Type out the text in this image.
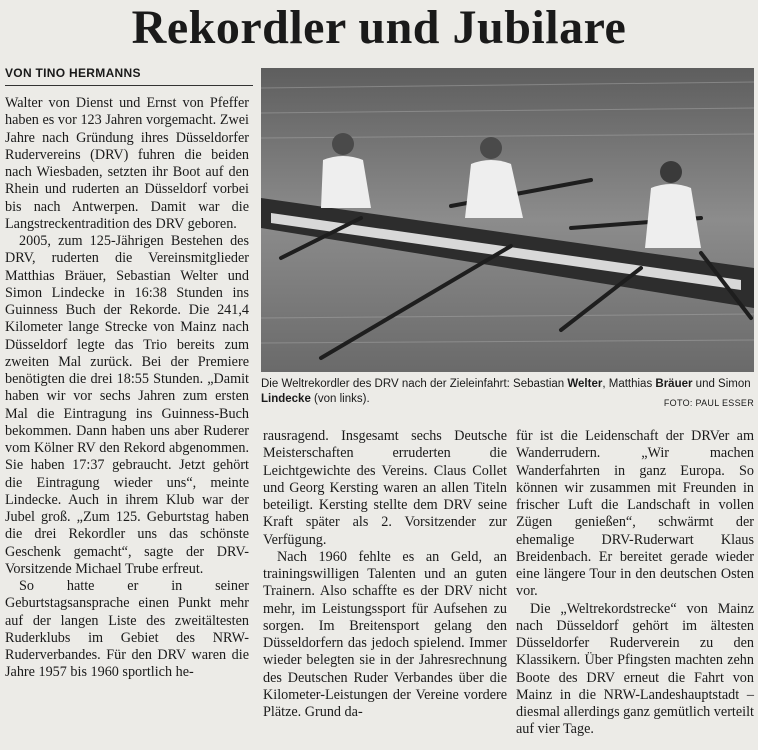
Rekordler und Jubilare
VON TINO HERMANNS

Walter von Dienst und Ernst von Pfeffer haben es vor 123 Jahren vorgemacht. Zwei Jahre nach Gründung ihres Düsseldorfer Rudervereins (DRV) fuhren die beiden nach Wiesbaden, setzten ihr Boot auf den Rhein und ruderten an Düsseldorf vorbei bis nach Antwerpen. Damit war die Langstreckentradition des DRV geboren.

2005, zum 125-Jährigen Bestehen des DRV, ruderten die Vereinsmitglieder Matthias Bräuer, Sebastian Welter und Simon Lindecke in 16:38 Stunden ins Guinness Buch der Rekorde. Die 241,4 Kilometer lange Strecke von Mainz nach Düsseldorf legte das Trio bereits zum zweiten Mal zurück. Bei der Premiere benötigten die drei 18:55 Stunden. „Damit haben wir vor sechs Jahren zum ersten Mal die Eintragung ins Guinness-Buch bekommen. Dann haben uns aber Ruderer vom Kölner RV den Rekord abgenommen. Sie haben 17:37 gebraucht. Jetzt gehört die Eintragung wieder uns“, meinte Lindecke. Auch in ihrem Klub war der Jubel groß. „Zum 125. Geburtstag haben die drei Rekordler uns das schönste Geschenk gemacht“, sagte der DRV-Vorsitzende Michael Trube erfreut.

So hatte er in seiner Geburtstagsansprache einen Punkt mehr auf der langen Liste des zweitältesten Ruderklubs im Gebiet des NRW-Ruderverbandes. Für den DRV waren die Jahre 1957 bis 1960 sportlich he-

Die Weltrekordler des DRV nach der Zieleinfahrt: Sebastian Welter, Matthias Bräuer und Simon Lindecke (von links).	FOTO: PAUL ESSER

rausragend. Insgesamt sechs Deutsche Meisterschaften erruderten die Leichtgewichte des Vereins. Claus Collet und Georg Kersting waren an allen Titeln beteiligt. Kersting stellte dem DRV seine Kraft später als 2. Vorsitzender zur Verfügung.

Nach 1960 fehlte es an Geld, an trainingswilligen Talenten und an guten Trainern. Also schaffte es der DRV nicht mehr, im Leistungssport für Aufsehen zu sorgen. Im Breitensport gelang den Düsseldorfern das jedoch spielend. Immer wieder belegten sie in der Jahresrechnung des Deutschen Ruder Verbandes über die Kilometer-Leistungen der Vereine vordere Plätze. Grund da-

für ist die Leidenschaft der DRVer am Wanderrudern. „Wir machen Wanderfahrten in ganz Europa. So können wir zusammen mit Freunden in frischer Luft die Landschaft in vollen Zügen genießen“, schwärmt der ehemalige DRV-Ruderwart Klaus Breidenbach. Er bereitet gerade wieder eine längere Tour in den deutschen Osten vor.

Die „Weltrekordstrecke“ von Mainz nach Düsseldorf gehört im ältesten Düsseldorfer Ruderverein zu den Klassikern. Über Pfingsten machten zehn Boote des DRV erneut die Fahrt von Mainz in die NRW-Landeshauptstadt – diesmal allerdings ganz gemütlich verteilt auf vier Tage.
